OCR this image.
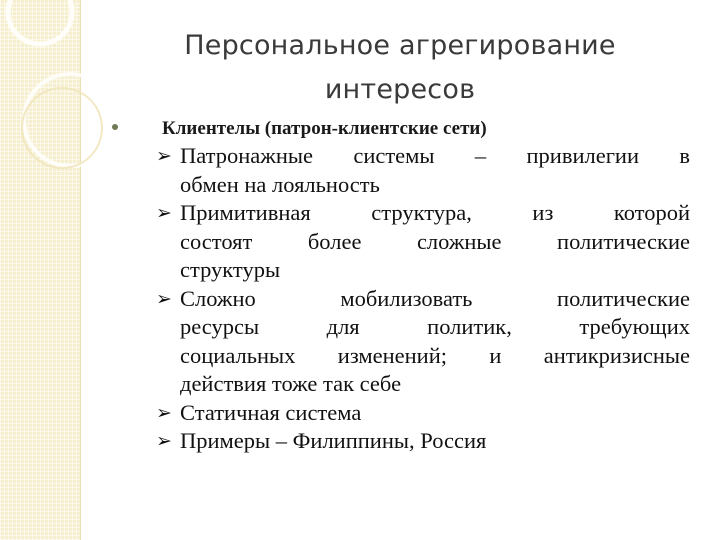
Персональное агрегирование
интересов
Клиентелы (патрон-клиентские сети)
➢ Патронажные системы – привилегии в
обмен на лояльность
➢ Примитивная структура, из которой
состоят более сложные политические
структуры
➢ Сложно мобилизовать политические
ресурсы для политик, требующих
социальных изменений; и антикризисные
действия тоже так себе
➢ Статичная система
➢ Примеры – Филиппины, Россия
